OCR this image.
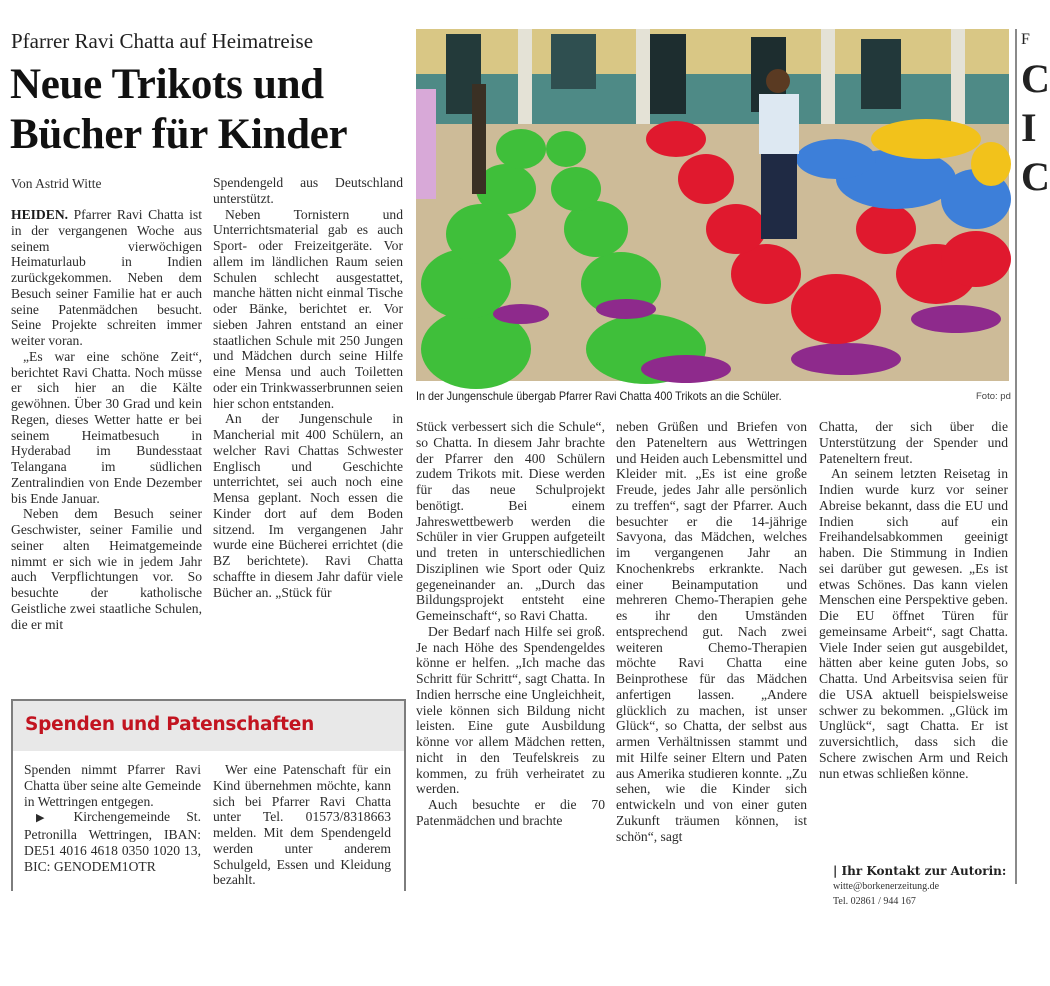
Pfarrer Ravi Chatta auf Heimatreise
Neue Trikots und
Bücher für Kinder
Von Astrid Witte

HEIDEN. Pfarrer Ravi Chatta ist in der vergangenen Woche aus seinem vierwöchigen Heimaturlaub in Indien zurückgekommen. Neben dem Besuch seiner Familie hat er auch seine Patenmädchen besucht. Seine Projekte schreiten immer weiter voran.

„Es war eine schöne Zeit“, berichtet Ravi Chatta. Noch müsse er sich hier an die Kälte gewöhnen. Über 30 Grad und kein Regen, dieses Wetter hatte er bei seinem Heimatbesuch in Hyderabad im Bundesstaat Telangana im südlichen Zentralindien von Ende Dezember bis Ende Januar.

Neben dem Besuch seiner Geschwister, seiner Familie und seiner alten Heimatgemeinde nimmt er sich wie in jedem Jahr auch Verpflichtungen vor. So besuchte der katholische Geistliche zwei staatliche Schulen, die er mit

Spendengeld aus Deutschland unterstützt.

Neben Tornistern und Unterrichtsmaterial gab es auch Sport- oder Freizeitgeräte. Vor allem im ländlichen Raum seien Schulen schlecht ausgestattet, manche hätten nicht einmal Tische oder Bänke, berichtet er. Vor sieben Jahren entstand an einer staatlichen Schule mit 250 Jungen und Mädchen durch seine Hilfe eine Mensa und auch Toiletten oder ein Trinkwasserbrunnen seien hier schon entstanden.

An der Jungenschule in Mancherial mit 400 Schülern, an welcher Ravi Chattas Schwester Englisch und Geschichte unterrichtet, sei auch noch eine Mensa geplant. Noch essen die Kinder dort auf dem Boden sitzend. Im vergangenen Jahr wurde eine Bücherei errichtet (die BZ berichtete). Ravi Chatta schaffte in diesem Jahr dafür viele Bücher an. „Stück für

In der Jungenschule übergab Pfarrer Ravi Chatta 400 Trikots an die Schüler.	Foto: pd

Stück verbessert sich die Schule“, so Chatta. In diesem Jahr brachte der Pfarrer den 400 Schülern zudem Trikots mit. Diese werden für das neue Schulprojekt benötigt. Bei einem Jahreswettbewerb werden die Schüler in vier Gruppen aufgeteilt und treten in unterschiedlichen Disziplinen wie Sport oder Quiz gegeneinander an. „Durch das Bildungsprojekt entsteht eine Gemeinschaft“, so Ravi Chatta.

Der Bedarf nach Hilfe sei groß. Je nach Höhe des Spendengeldes könne er helfen. „Ich mache das Schritt für Schritt“, sagt Chatta. In Indien herrsche eine Ungleichheit, viele können sich Bildung nicht leisten. Eine gute Ausbildung könne vor allem Mädchen retten, nicht in den Teufelskreis zu kommen, zu früh verheiratet zu werden.

Auch besuchte er die 70 Patenmädchen und brachte

neben Grüßen und Briefen von den Pateneltern aus Wettringen und Heiden auch Lebensmittel und Kleider mit. „Es ist eine große Freude, jedes Jahr alle persönlich zu treffen“, sagt der Pfarrer. Auch besuchter er die 14-jährige Savyona, das Mädchen, welches im vergangenen Jahr an Knochenkrebs erkrankte. Nach einer Beinamputation und mehreren Chemo-Therapien gehe es ihr den Umständen entsprechend gut. Nach zwei weiteren Chemo-Therapien möchte Ravi Chatta eine Beinprothese für das Mädchen anfertigen lassen. „Andere glücklich zu machen, ist unser Glück“, so Chatta, der selbst aus armen Verhältnissen stammt und mit Hilfe seiner Eltern und Paten aus Amerika studieren konnte. „Zu sehen, wie die Kinder sich entwickeln und von einer guten Zukunft träumen können, ist schön“, sagt

Chatta, der sich über die Unterstützung der Spender und Pateneltern freut.

An seinem letzten Reisetag in Indien wurde kurz vor seiner Abreise bekannt, dass die EU und Indien sich auf ein Freihandelsabkommen geeinigt haben. Die Stimmung in Indien sei darüber gut gewesen. „Es ist etwas Schönes. Das kann vielen Menschen eine Perspektive geben. Die EU öffnet Türen für gemeinsame Arbeit“, sagt Chatta. Viele Inder seien gut ausgebildet, hätten aber keine guten Jobs, so Chatta. Und Arbeitsvisa seien für die USA aktuell beispielsweise schwer zu bekommen. „Glück im Unglück“, sagt Chatta. Er ist zuversichtlich, dass sich die Schere zwischen Arm und Reich nun etwas schließen könne.

| Ihr Kontakt zur Autorin:
witte@borkenerzeitung.de
Tel. 02861 / 944 167
Spenden und Patenschaften

Spenden nimmt Pfarrer Ravi Chatta über seine alte Gemeinde in Wettringen entgegen.

▶ Kirchengemeinde St. Petronilla Wettringen, IBAN: DE51 4016 4618 0350 1020 13, BIC: GENODEM1OTR

Wer eine Patenschaft für ein Kind übernehmen möchte, kann sich bei Pfarrer Ravi Chatta unter Tel. 01573/8318663 melden. Mit dem Spendengeld werden unter anderem Schulgeld, Essen und Kleidung bezahlt.

F
C
I
C
